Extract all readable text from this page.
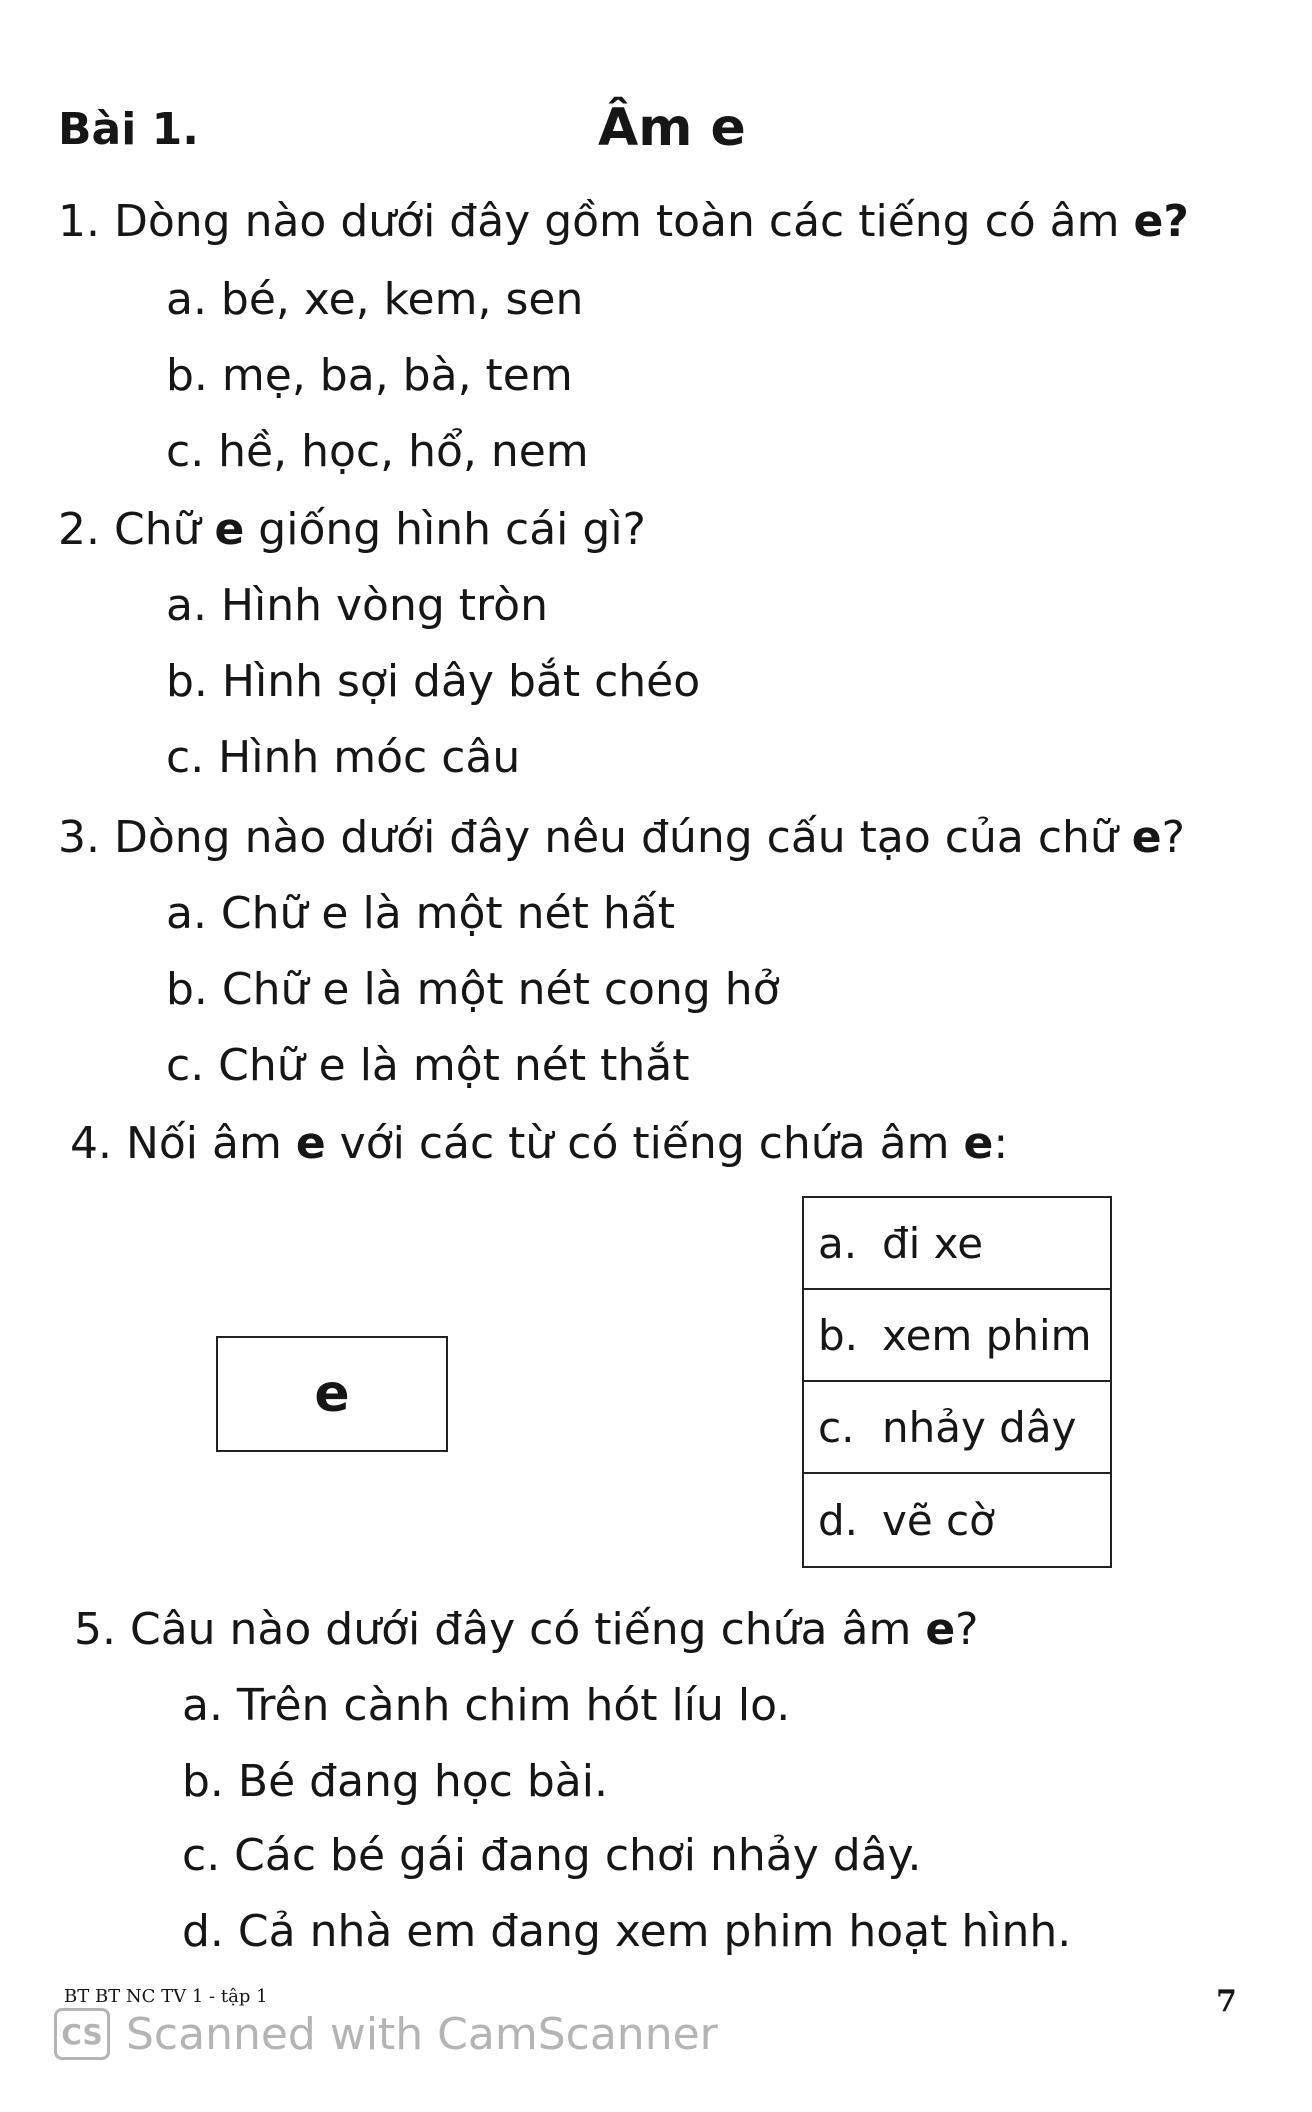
Bài 1.	Âm e
1. Dòng nào dưới đây gồm toàn các tiếng có âm e?
a. bé, xe, kem, sen
b. mẹ, ba, bà, tem
c. hề, học, hổ, nem
2. Chữ e giống hình cái gì?
a. Hình vòng tròn
b. Hình sợi dây bắt chéo
c. Hình móc câu
3. Dòng nào dưới đây nêu đúng cấu tạo của chữ e?
a. Chữ e là một nét hất
b. Chữ e là một nét cong hở
c. Chữ e là một nét thắt
4. Nối âm e với các từ có tiếng chứa âm e:
e
a. đi xe
b. xem phim
c. nhảy dây
d. vẽ cờ
5. Câu nào dưới đây có tiếng chứa âm e?
a. Trên cành chim hót líu lo.
b. Bé đang học bài.
c. Các bé gái đang chơi nhảy dây.
d. Cả nhà em đang xem phim hoạt hình.
BT BT NC TV 1 - tập 1	7
CS Scanned with CamScanner
